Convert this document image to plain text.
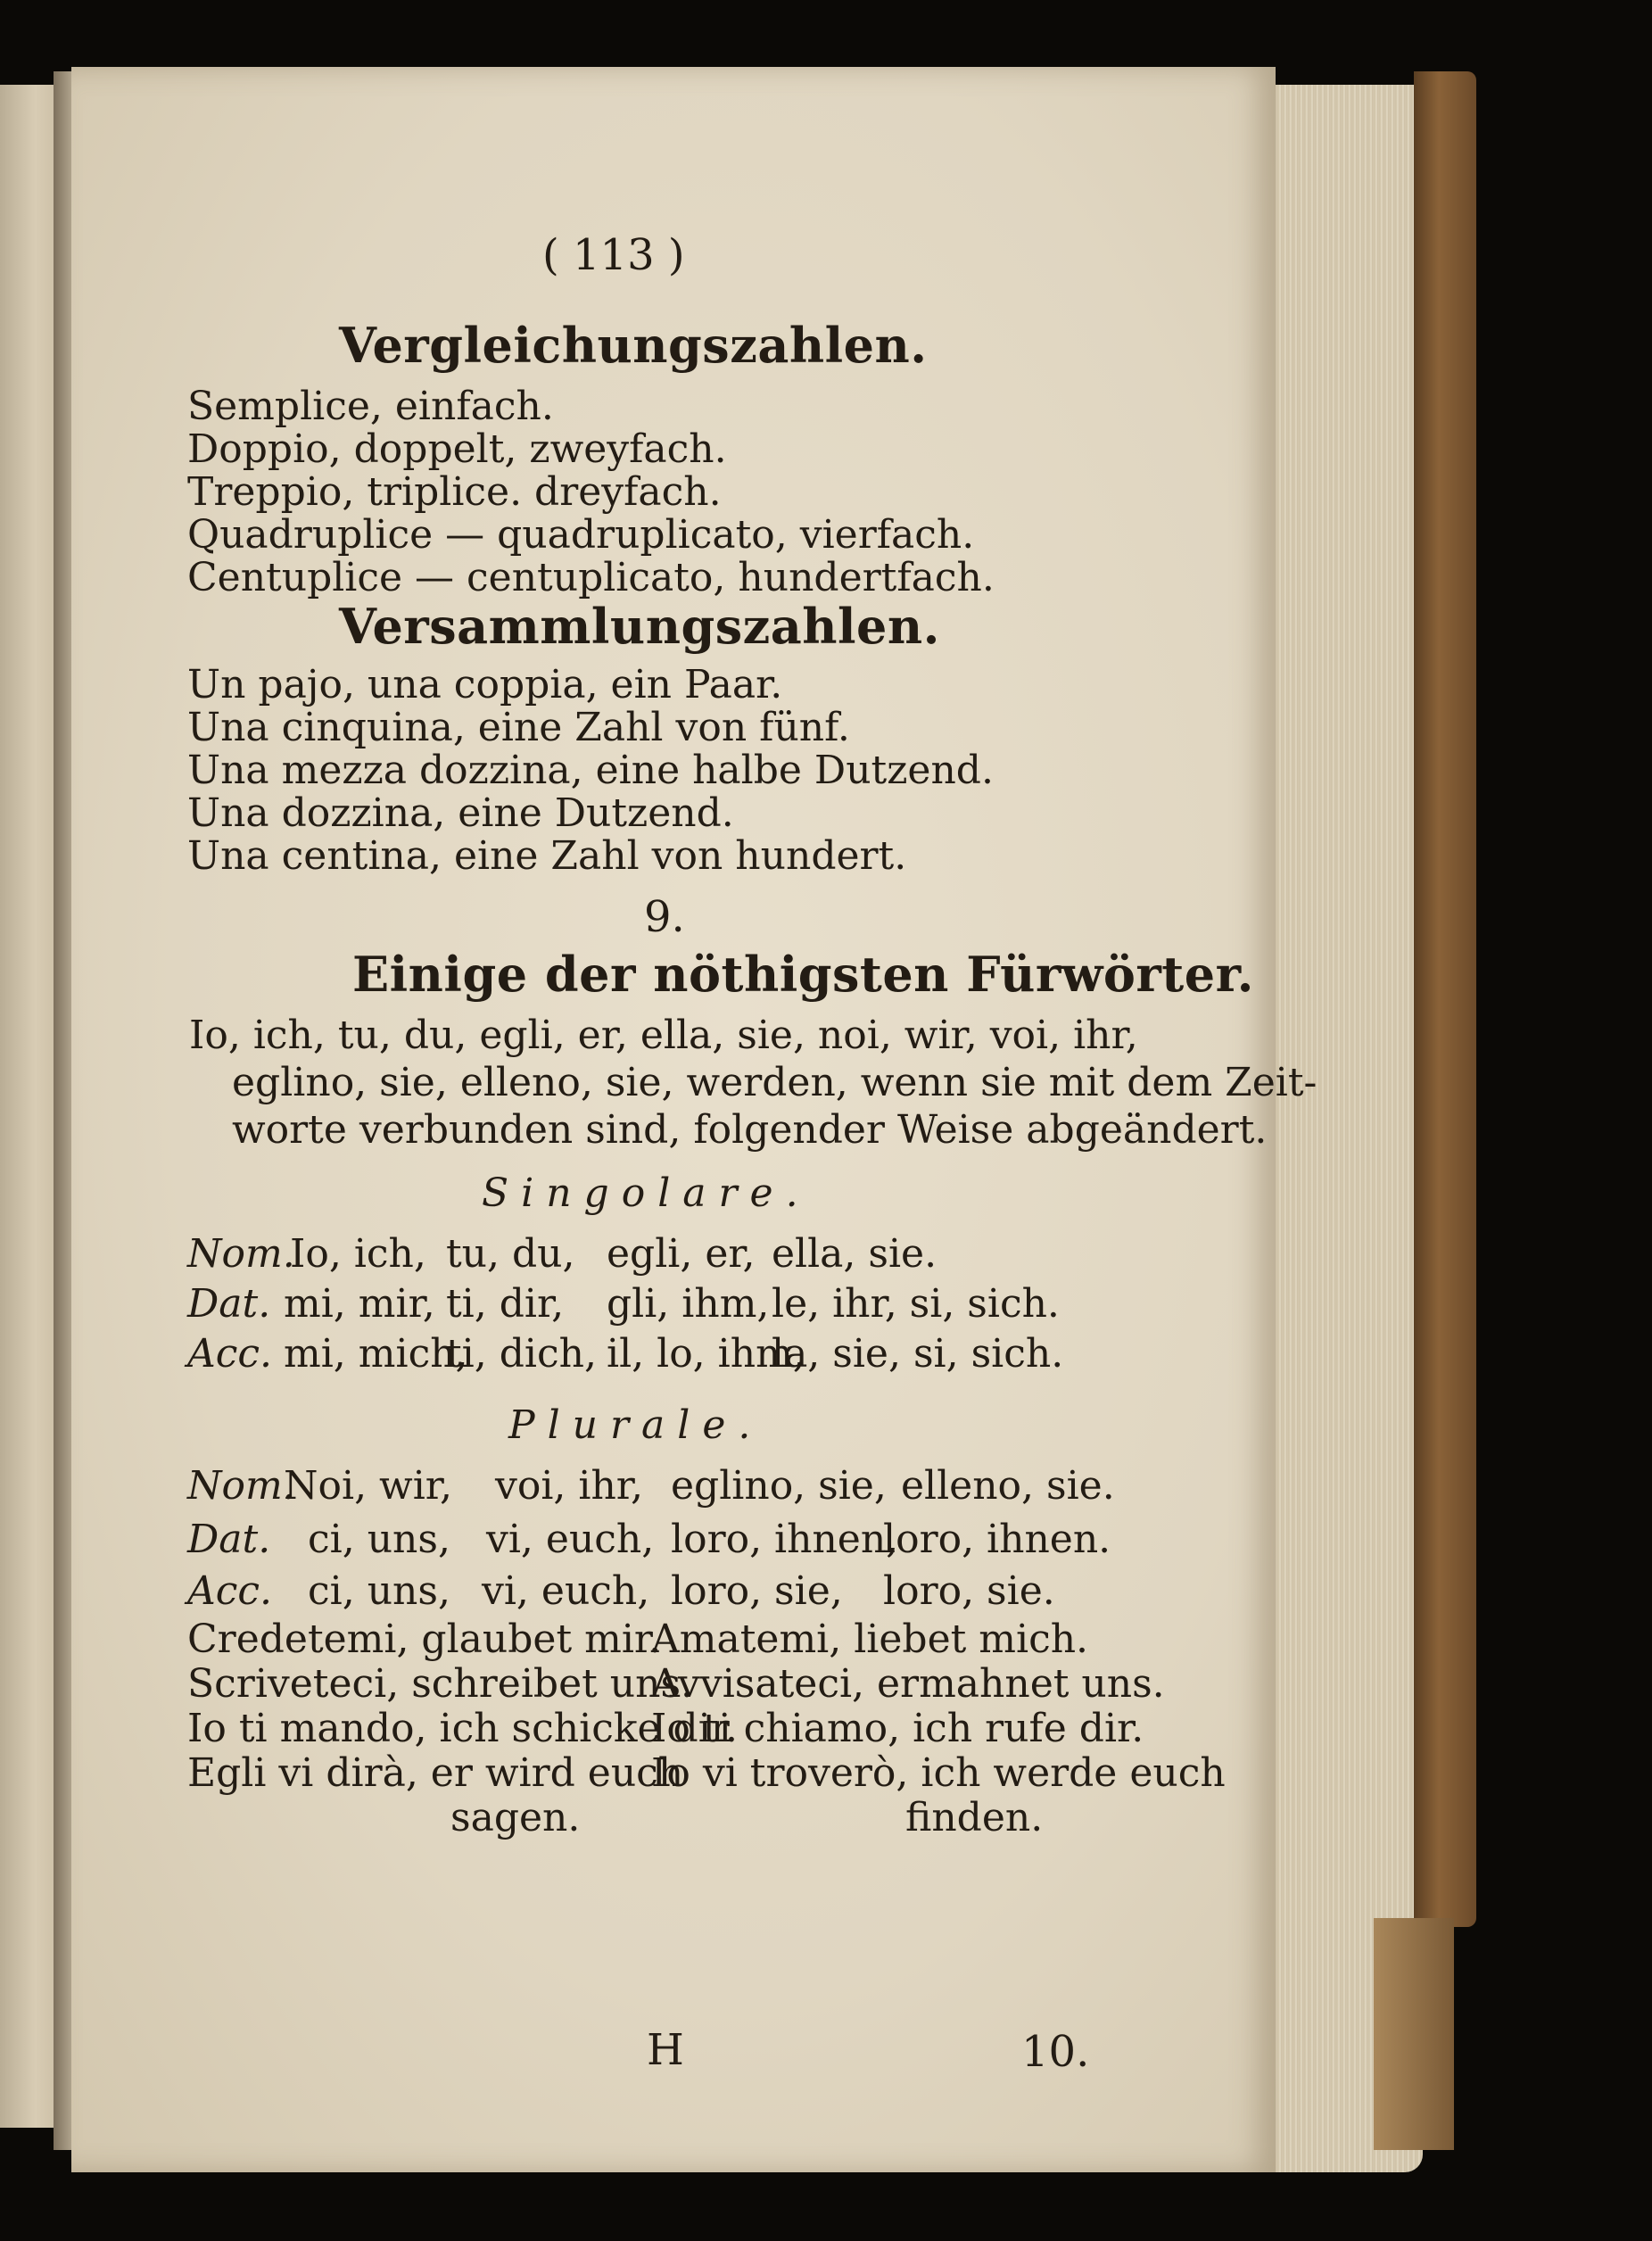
( 113 )
Vergleichungszahlen.
Semplice, einfach.
Doppio, doppelt, zweyfach.
Treppio, triplice. dreyfach.
Quadruplice — quadruplicato, vierfach.
Centuplice — centuplicato, hundertfach.
Versammlungszahlen.
Un pajo, una coppia, ein Paar.
Una cinquina, eine Zahl von fünf.
Una mezza dozzina, eine halbe Dutzend.
Una dozzina, eine Dutzend.
Una centina, eine Zahl von hundert.
9.
Einige der nöthigsten Fürwörter.
Io, ich, tu, du, egli, er, ella, sie, noi, wir, voi, ihr,
eglino, sie, elleno, sie, werden, wenn sie mit dem Zeit-
worte verbunden sind, folgender Weise abgeändert.
Singolare.
Nom.
Io, ich, tu, du, egli, er, ella, sie.
Dat. mi, mir, ti, dir, gli, ihm, le, ihr, si, sich.
Acc. mi, mich,
ti, dich, il, lo, ihm,
la, sie, si, sich.
Plurale.
Nom.
Noi, wir, voi, ihr, eglino, sie, elleno, sie.
Dat. ci, uns, vi, euch, loro, ihnen,
loro, ihnen.
Acc. ci, uns, vi, euch, loro, sie, loro, sie.
Credetemi, glaubet mir.
Scriveteci, schreibet uns.
Io ti mando, ich schicke dir.
Egli vi dirà, er wird euch
sagen.
Amatemi, liebet mich.
Avvisateci, ermahnet uns.
Io ti chiamo, ich rufe dir.
Io vi troverò, ich werde euch
finden.
H	10.
